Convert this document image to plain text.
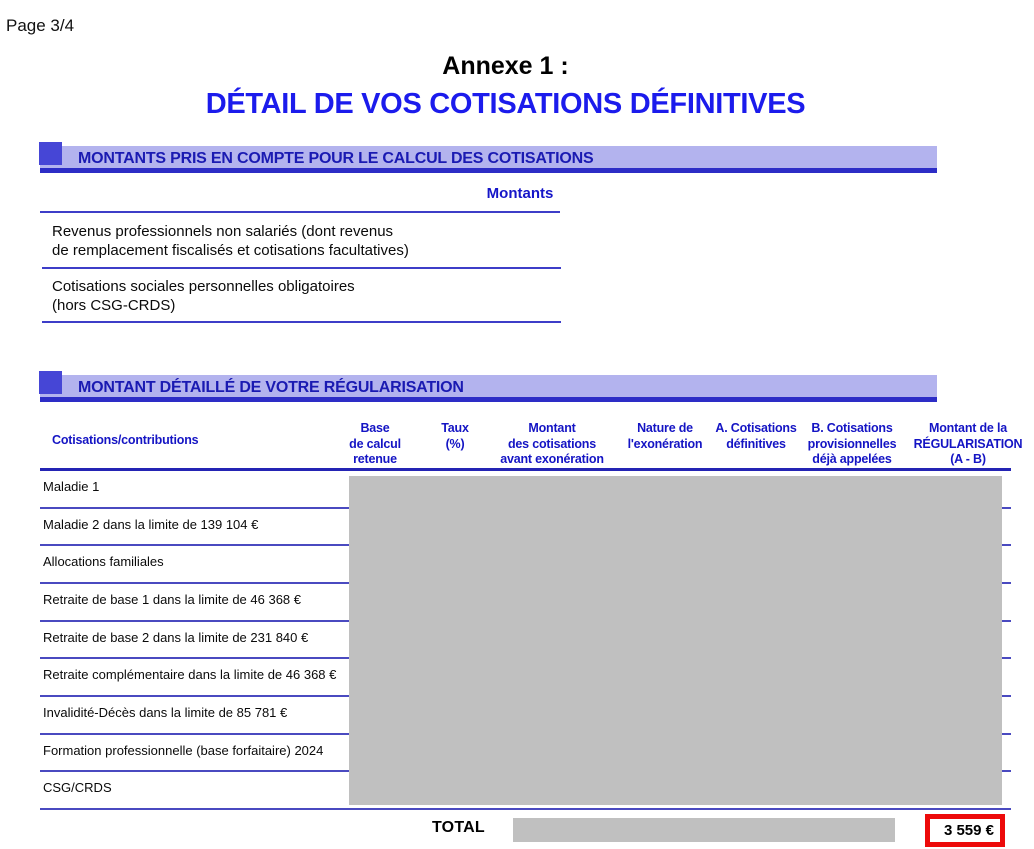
Page 3/4
Annexe 1 :
DÉTAIL DE VOS COTISATIONS DÉFINITIVES
MONTANTS PRIS EN COMPTE POUR LE CALCUL DES COTISATIONS
Montants
Revenus professionnels non salariés (dont revenus
de remplacement fiscalisés et cotisations facultatives)
Cotisations sociales personnelles obligatoires
(hors CSG-CRDS)
MONTANT DÉTAILLÉ DE VOTRE RÉGULARISATION
Cotisations/contributions
Base
de calcul
retenue
Taux
(%)
Montant
des cotisations
avant exonération
Nature de
l'exonération
A. Cotisations
définitives
B. Cotisations
provisionnelles
déjà appelées
Montant de la
RÉGULARISATION
(A - B)
Maladie 1
Maladie 2 dans la limite de 139 104 €
Allocations familiales
Retraite de base 1 dans la limite de 46 368 €
Retraite de base 2 dans la limite de 231 840 €
Retraite complémentaire dans la limite de 46 368 €
Invalidité-Décès dans la limite de 85 781 €
Formation professionnelle (base forfaitaire) 2024
CSG/CRDS
TOTAL	3 559 €
